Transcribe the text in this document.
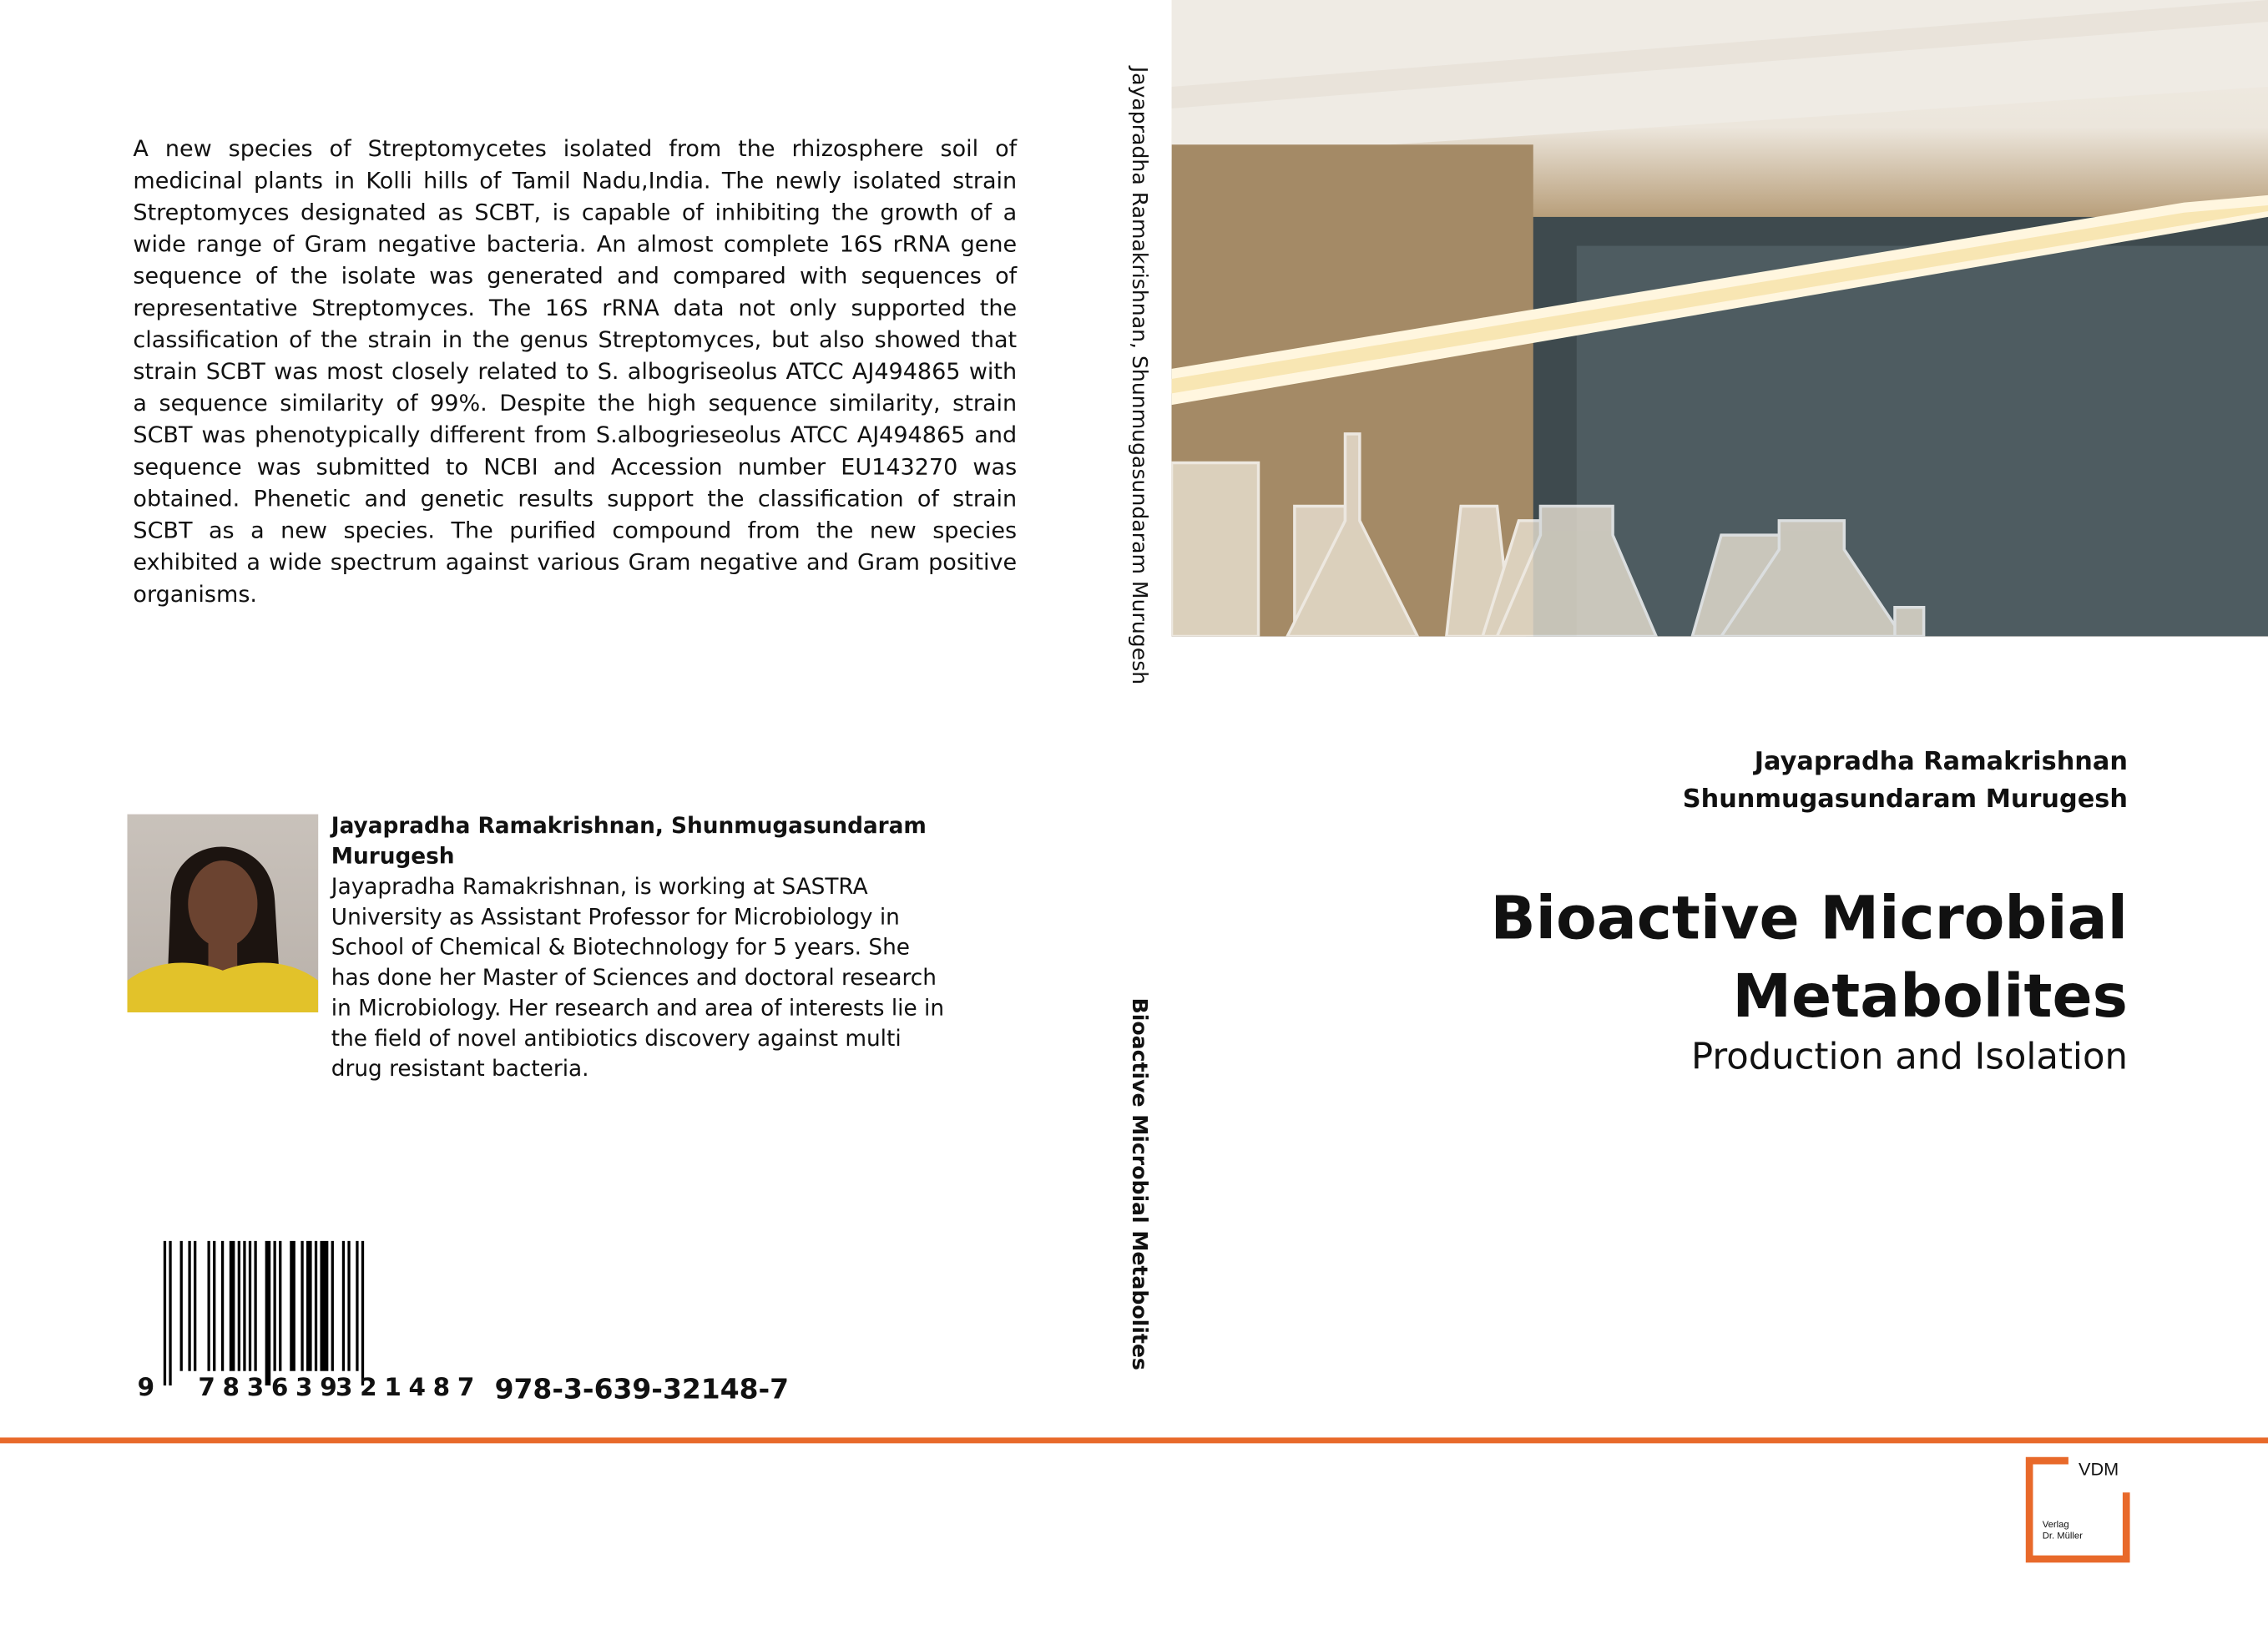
A new species of Streptomycetes isolated from the rhizosphere soil of medicinal plants in Kolli hills of Tamil Nadu,India. The newly isolated strain Streptomyces designated as SCBT, is capable of inhibiting the growth of a wide range of Gram negative bacteria. An almost complete 16S rRNA gene sequence of the isolate was generated and compared with sequences of representative Streptomyces. The 16S rRNA data not only supported the classification of the strain in the genus Streptomyces, but also showed that strain SCBT was most closely related to S. albogriseolus ATCC AJ494865 with a sequence similarity of 99%. Despite the high sequence similarity, strain SCBT was phenotypically different from S.albogrieseolus ATCC AJ494865 and sequence was submitted to NCBI and Accession number EU143270 was obtained. Phenetic and genetic results support the classification of strain SCBT as a new species. The purified compound from the new species exhibited a wide spectrum against various Gram negative and Gram positive organisms.	Jayapradha Ramakrishnan, Shunmugasundaram Murugesh
Bioactive Microbial Metabolites
Jayapradha Ramakrishnan
Shunmugasundaram Murugesh
Bioactive Microbial
Metabolites
Production and Isolation
Jayapradha Ramakrishnan, Shunmugasundaram Murugesh
Jayapradha Ramakrishnan, is working at SASTRA University as Assistant Professor for Microbiology in School of Chemical & Biotechnology for 5 years. She has done her Master of Sciences and doctoral research in Microbiology. Her research and area of interests lie in the field of novel antibiotics discovery against multi drug resistant bacteria.
9	783639
321487 978-3-639-32148-7
VDM
Verlag
Dr. Müller
